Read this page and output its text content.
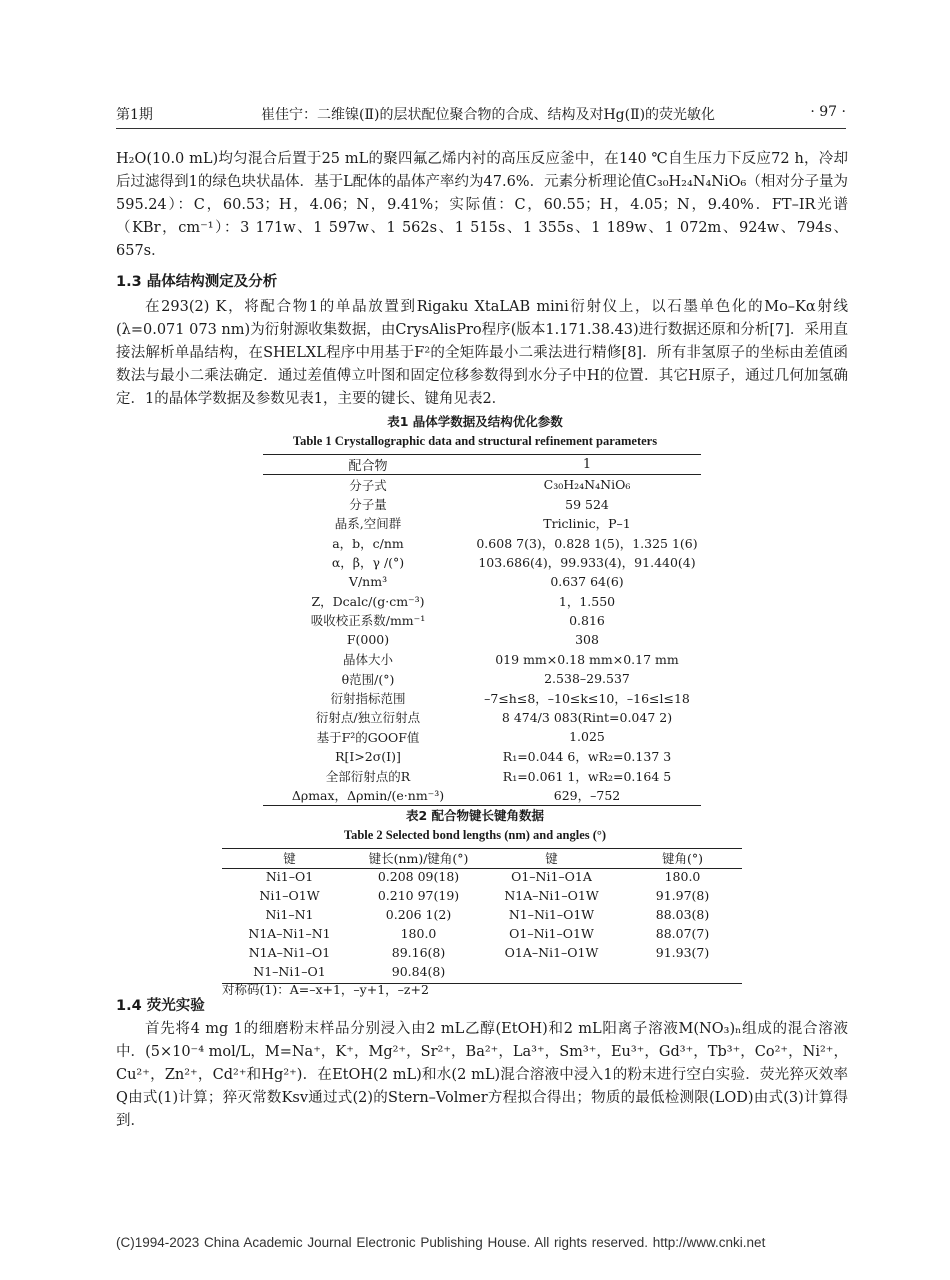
第1期	崔佳宁：二维镍(Ⅱ)的层状配位聚合物的合成、结构及对Hg(Ⅱ)的荧光敏化	· 97 ·
H₂O(10.0 mL)均匀混合后置于25 mL的聚四氟乙烯内衬的高压反应釜中，在140 ℃自生压力下反应72 h，冷却后过滤得到1的绿色块状晶体．基于L配体的晶体产率约为47.6%．元素分析理论值C₃₀H₂₄N₄NiO₆（相对分子量为595.24）：C，60.53；H，4.06；N，9.41%；实际值：C，60.55；H，4.05；N，9.40%．FT–IR光谱（KBr，cm⁻¹）：3 171w、1 597w、1 562s、1 515s、1 355s、1 189w、1 072m、924w、794s、657s．
1.3 晶体结构测定及分析
在293(2) K，将配合物1的单晶放置到Rigaku XtaLAB mini衍射仪上，以石墨单色化的Mo–Kα射线(λ=0.071 073 nm)为衍射源收集数据，由CrysAlisPro程序(版本1.171.38.43)进行数据还原和分析[7]．采用直接法解析单晶结构，在SHELXL程序中用基于F²的全矩阵最小二乘法进行精修[8]．所有非氢原子的坐标由差值函数法与最小二乘法确定．通过差值傅立叶图和固定位移参数得到水分子中H的位置．其它H原子，通过几何加氢确定．1的晶体学数据及参数见表1，主要的键长、键角见表2．
表1 晶体学数据及结构优化参数
Table 1 Crystallographic data and structural refinement parameters
配合物	1
分子式	C₃₀H₂₄N₄NiO₆
分子量	59 524
晶系,空间群	Triclinic，P–1
a，b，c/nm	0.608 7(3)，0.828 1(5)，1.325 1(6)
α，β，γ /(°)	103.686(4)，99.933(4)，91.440(4)
V/nm³	0.637 64(6)
Z，Dcalc/(g·cm⁻³)	1，1.550
吸收校正系数/mm⁻¹	0.816
F(000)	308
晶体大小	019 mm×0.18 mm×0.17 mm
θ范围/(°)	2.538–29.537
衍射指标范围	–7≤h≤8，–10≤k≤10，–16≤l≤18
衍射点/独立衍射点	8 474/3 083(Rint=0.047 2)
基于F²的GOOF值	1.025
R[I>2σ(I)]	R₁=0.044 6，wR₂=0.137 3
全部衍射点的R	R₁=0.061 1，wR₂=0.164 5
Δρmax，Δρmin/(e·nm⁻³)	629，–752
表2 配合物键长键角数据
Table 2 Selected bond lengths (nm) and angles (°)
键	键长(nm)/键角(°)	键	键角(°)
Ni1–O1	0.208 09(18)	O1–Ni1–O1A	180.0
Ni1–O1W	0.210 97(19)	N1A–Ni1–O1W	91.97(8)
Ni1–N1	0.206 1(2)	N1–Ni1–O1W	88.03(8)
N1A–Ni1–N1	180.0	O1–Ni1–O1W	88.07(7)
N1A–Ni1–O1	89.16(8)	O1A–Ni1–O1W	91.93(7)
N1–Ni1–O1	90.84(8)		
对称码(1)：A=–x+1，–y+1，–z+2
1.4 荧光实验
首先将4 mg 1的细磨粉末样品分别浸入由2 mL乙醇(EtOH)和2 mL阳离子溶液M(NO₃)ₙ组成的混合溶液中．(5×10⁻⁴ mol/L，M=Na⁺，K⁺，Mg²⁺，Sr²⁺，Ba²⁺，La³⁺，Sm³⁺，Eu³⁺，Gd³⁺，Tb³⁺，Co²⁺，Ni²⁺，Cu²⁺，Zn²⁺，Cd²⁺和Hg²⁺)．在EtOH(2 mL)和水(2 mL)混合溶液中浸入1的粉末进行空白实验．荧光猝灭效率Q由式(1)计算；猝灭常数Ksv通过式(2)的Stern–Volmer方程拟合得出；物质的最低检测限(LOD)由式(3)计算得到．
(C)1994-2023 China Academic Journal Electronic Publishing House. All rights reserved. http://www.cnki.net
